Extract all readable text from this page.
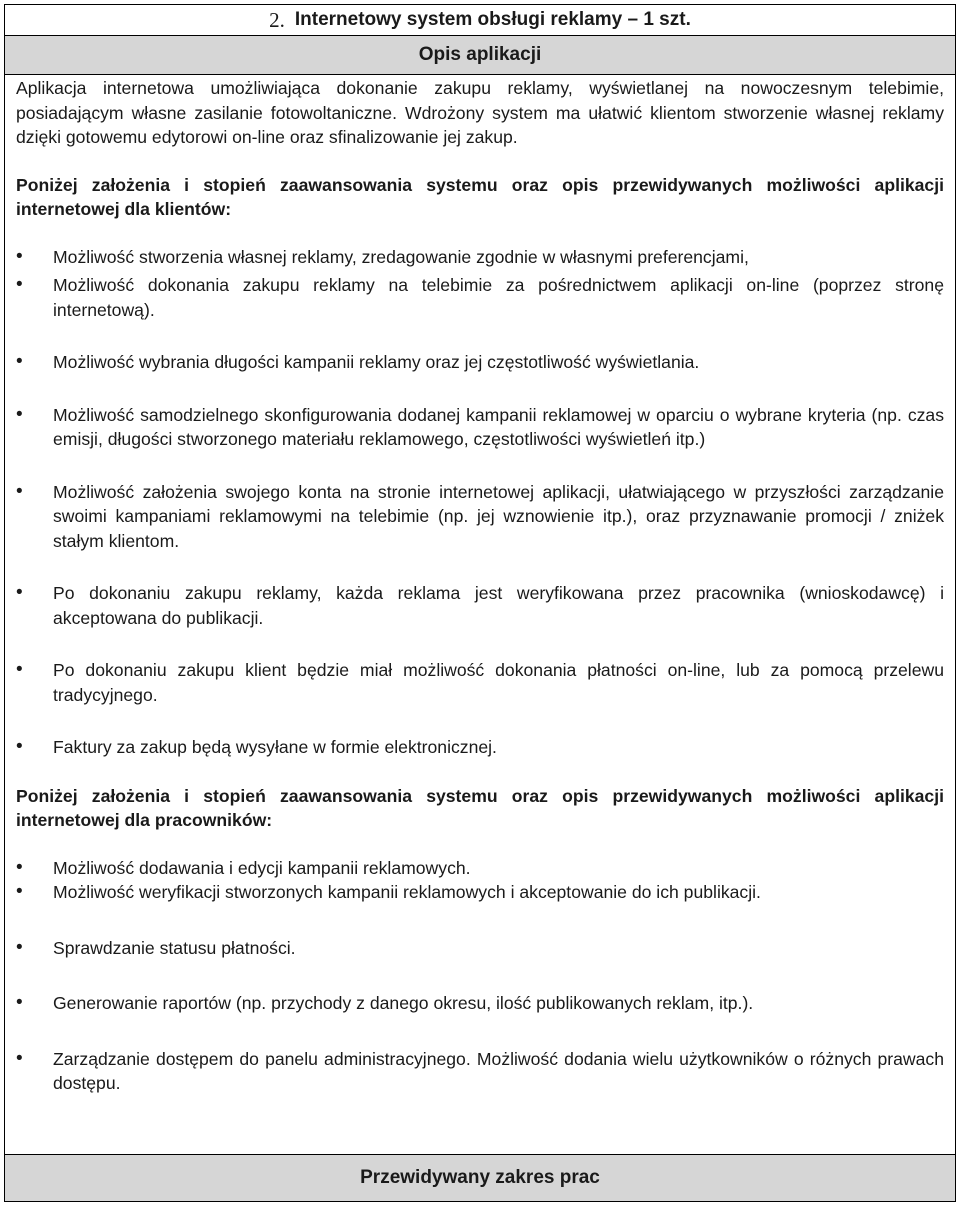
2. Internetowy system obsługi reklamy – 1 szt.
Opis aplikacji

Aplikacja internetowa umożliwiająca dokonanie zakupu reklamy, wyświetlanej na nowoczesnym telebimie, posiadającym własne zasilanie fotowoltaniczne. Wdrożony system ma ułatwić klientom stworzenie własnej reklamy dzięki gotowemu edytorowi on-line oraz sfinalizowanie jej zakup.

Poniżej założenia i stopień zaawansowania systemu oraz opis przewidywanych możliwości aplikacji internetowej dla klientów:

• Możliwość stworzenia własnej reklamy, zredagowanie zgodnie w własnymi preferencjami,
• Możliwość dokonania zakupu reklamy na telebimie za pośrednictwem aplikacji on-line (poprzez stronę internetową).
• Możliwość wybrania długości kampanii reklamy oraz jej częstotliwość wyświetlania.
• Możliwość samodzielnego skonfigurowania dodanej kampanii reklamowej w oparciu o wybrane kryteria (np. czas emisji, długości stworzonego materiału reklamowego, częstotliwości wyświetleń itp.)
• Możliwość założenia swojego konta na stronie internetowej aplikacji, ułatwiającego w przyszłości zarządzanie swoimi kampaniami reklamowymi na telebimie (np. jej wznowienie itp.), oraz przyznawanie promocji / zniżek stałym klientom.
• Po dokonaniu zakupu reklamy, każda reklama jest weryfikowana przez pracownika (wnioskodawcę) i akceptowana do publikacji.
• Po dokonaniu zakupu klient będzie miał możliwość dokonania płatności on-line, lub za pomocą przelewu tradycyjnego.
• Faktury za zakup będą wysyłane w formie elektronicznej.

Poniżej założenia i stopień zaawansowania systemu oraz opis przewidywanych możliwości aplikacji internetowej dla pracowników:

• Możliwość dodawania i edycji kampanii reklamowych.
• Możliwość weryfikacji stworzonych kampanii reklamowych i akceptowanie do ich publikacji.
• Sprawdzanie statusu płatności.
• Generowanie raportów (np. przychody z danego okresu, ilość publikowanych reklam, itp.).
• Zarządzanie dostępem do panelu administracyjnego. Możliwość dodania wielu użytkowników o różnych prawach dostępu.
Przewidywany zakres prac
